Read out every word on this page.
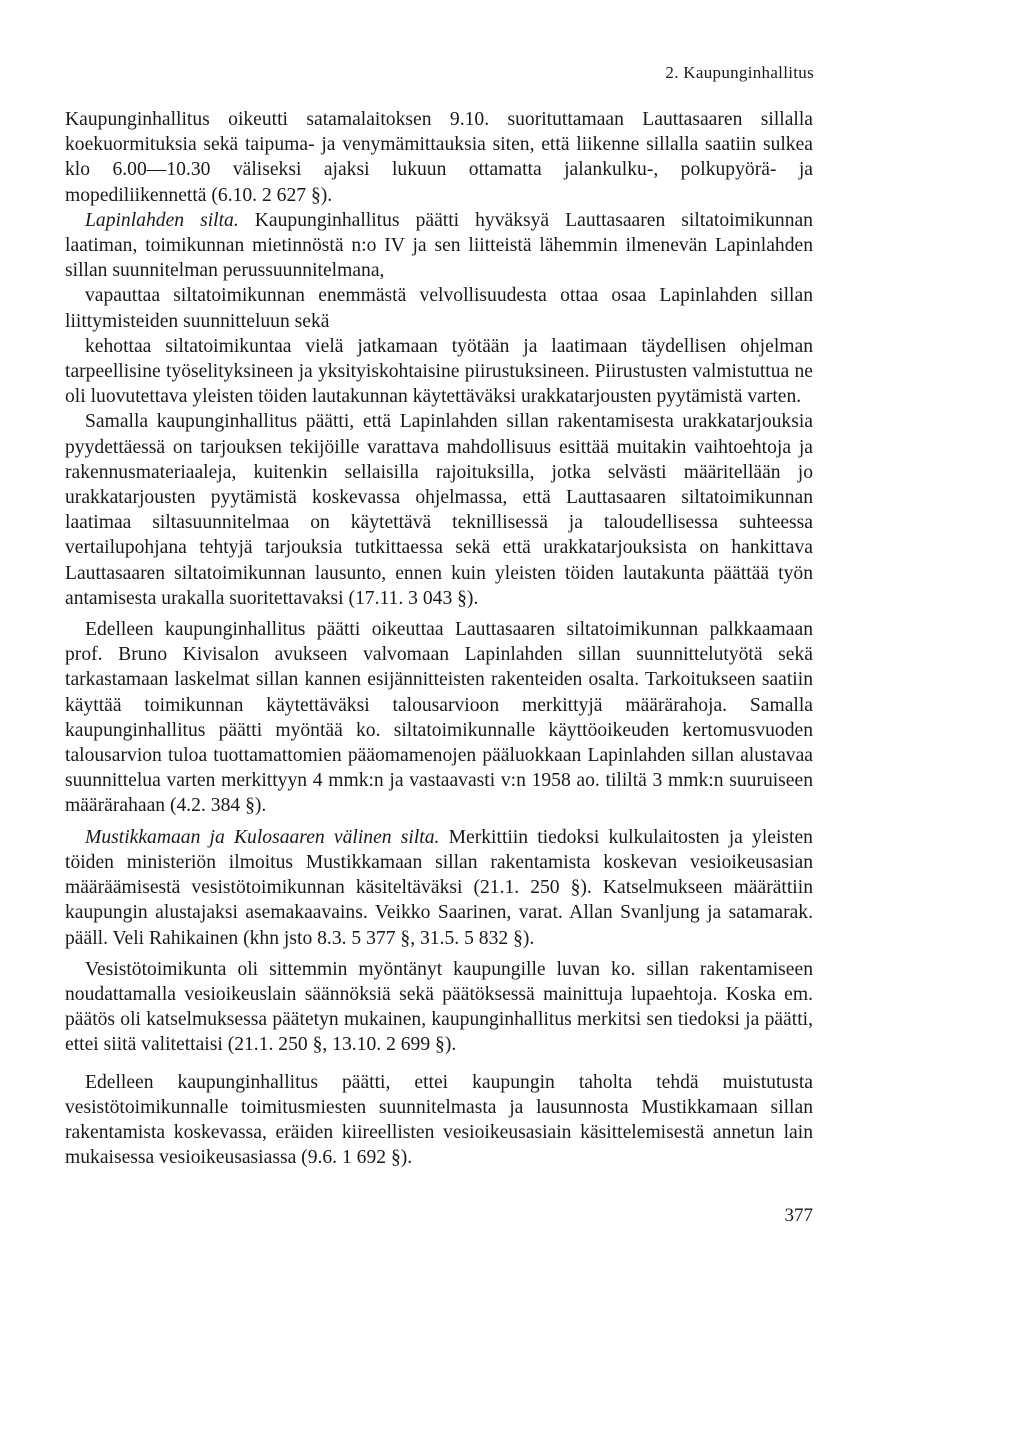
2. Kaupunginhallitus

Kaupunginhallitus oikeutti satamalaitoksen 9.10. suorituttamaan Lauttasaaren sillalla koekuormituksia sekä taipuma- ja venymämittauksia siten, että liikenne sillalla saatiin sulkea klo 6.00—10.30 väliseksi ajaksi lukuun ottamatta jalankulku-, polkupyörä- ja mopediliikennettä (6.10. 2 627 §).

Lapinlahden silta. Kaupunginhallitus päätti hyväksyä Lauttasaaren siltatoimikunnan laatiman, toimikunnan mietinnöstä n:o IV ja sen liitteistä lähemmin ilmenevän Lapinlahden sillan suunnitelman perussuunnitelmana,

vapauttaa siltatoimikunnan enemmästä velvollisuudesta ottaa osaa Lapinlahden sillan liittymisteiden suunnitteluun sekä

kehottaa siltatoimikuntaa vielä jatkamaan työtään ja laatimaan täydellisen ohjelman tarpeellisine työselityksineen ja yksityiskohtaisine piirustuksineen. Piirustusten valmistuttua ne oli luovutettava yleisten töiden lautakunnan käytettäväksi urakkatarjousten pyytämistä varten.

Samalla kaupunginhallitus päätti, että Lapinlahden sillan rakentamisesta urakkatarjouksia pyydettäessä on tarjouksen tekijöille varattava mahdollisuus esittää muitakin vaihtoehtoja ja rakennusmateriaaleja, kuitenkin sellaisilla rajoituksilla, jotka selvästi määritellään jo urakkatarjousten pyytämistä koskevassa ohjelmassa, että Lauttasaaren siltatoimikunnan laatimaa siltasuunnitelmaa on käytettävä teknillisessä ja taloudellisessa suhteessa vertailupohjana tehtyjä tarjouksia tutkittaessa sekä että urakkatarjouksista on hankittava Lauttasaaren siltatoimikunnan lausunto, ennen kuin yleisten töiden lautakunta päättää työn antamisesta urakalla suoritettavaksi (17.11. 3 043 §).

Edelleen kaupunginhallitus päätti oikeuttaa Lauttasaaren siltatoimikunnan palkkaamaan prof. Bruno Kivisalon avukseen valvomaan Lapinlahden sillan suunnittelutyötä sekä tarkastamaan laskelmat sillan kannen esijännitteisten rakenteiden osalta. Tarkoitukseen saatiin käyttää toimikunnan käytettäväksi talousarvioon merkittyjä määrärahoja. Samalla kaupunginhallitus päätti myöntää ko. siltatoimikunnalle käyttöoikeuden kertomusvuoden talousarvion tuloa tuottamattomien pääomamenojen pääluokkaan Lapinlahden sillan alustavaa suunnittelua varten merkittyyn 4 mmk:n ja vastaavasti v:n 1958 ao. tililtä 3 mmk:n suuruiseen määrärahaan (4.2. 384 §).

Mustikkamaan ja Kulosaaren välinen silta. Merkittiin tiedoksi kulkulaitosten ja yleisten töiden ministeriön ilmoitus Mustikkamaan sillan rakentamista koskevan vesioikeusasian määräämisestä vesistötoimikunnan käsiteltäväksi (21.1. 250 §). Katselmukseen määrättiin kaupungin alustajaksi asemakaavains. Veikko Saarinen, varat. Allan Svanljung ja satamarak. pääll. Veli Rahikainen (khn jsto 8.3. 5 377 §, 31.5. 5 832 §).

Vesistötoimikunta oli sittemmin myöntänyt kaupungille luvan ko. sillan rakentamiseen noudattamalla vesioikeuslain säännöksiä sekä päätöksessä mainittuja lupaehtoja. Koska em. päätös oli katselmuksessa päätetyn mukainen, kaupunginhallitus merkitsi sen tiedoksi ja päätti, ettei siitä valitettaisi (21.1. 250 §, 13.10. 2 699 §).

Edelleen kaupunginhallitus päätti, ettei kaupungin taholta tehdä muistutusta vesistötoimikunnalle toimitusmiesten suunnitelmasta ja lausunnosta Mustikkamaan sillan rakentamista koskevassa, eräiden kiireellisten vesioikeusasiain käsittelemisestä annetun lain mukaisessa vesioikeusasiassa (9.6. 1 692 §).

377
